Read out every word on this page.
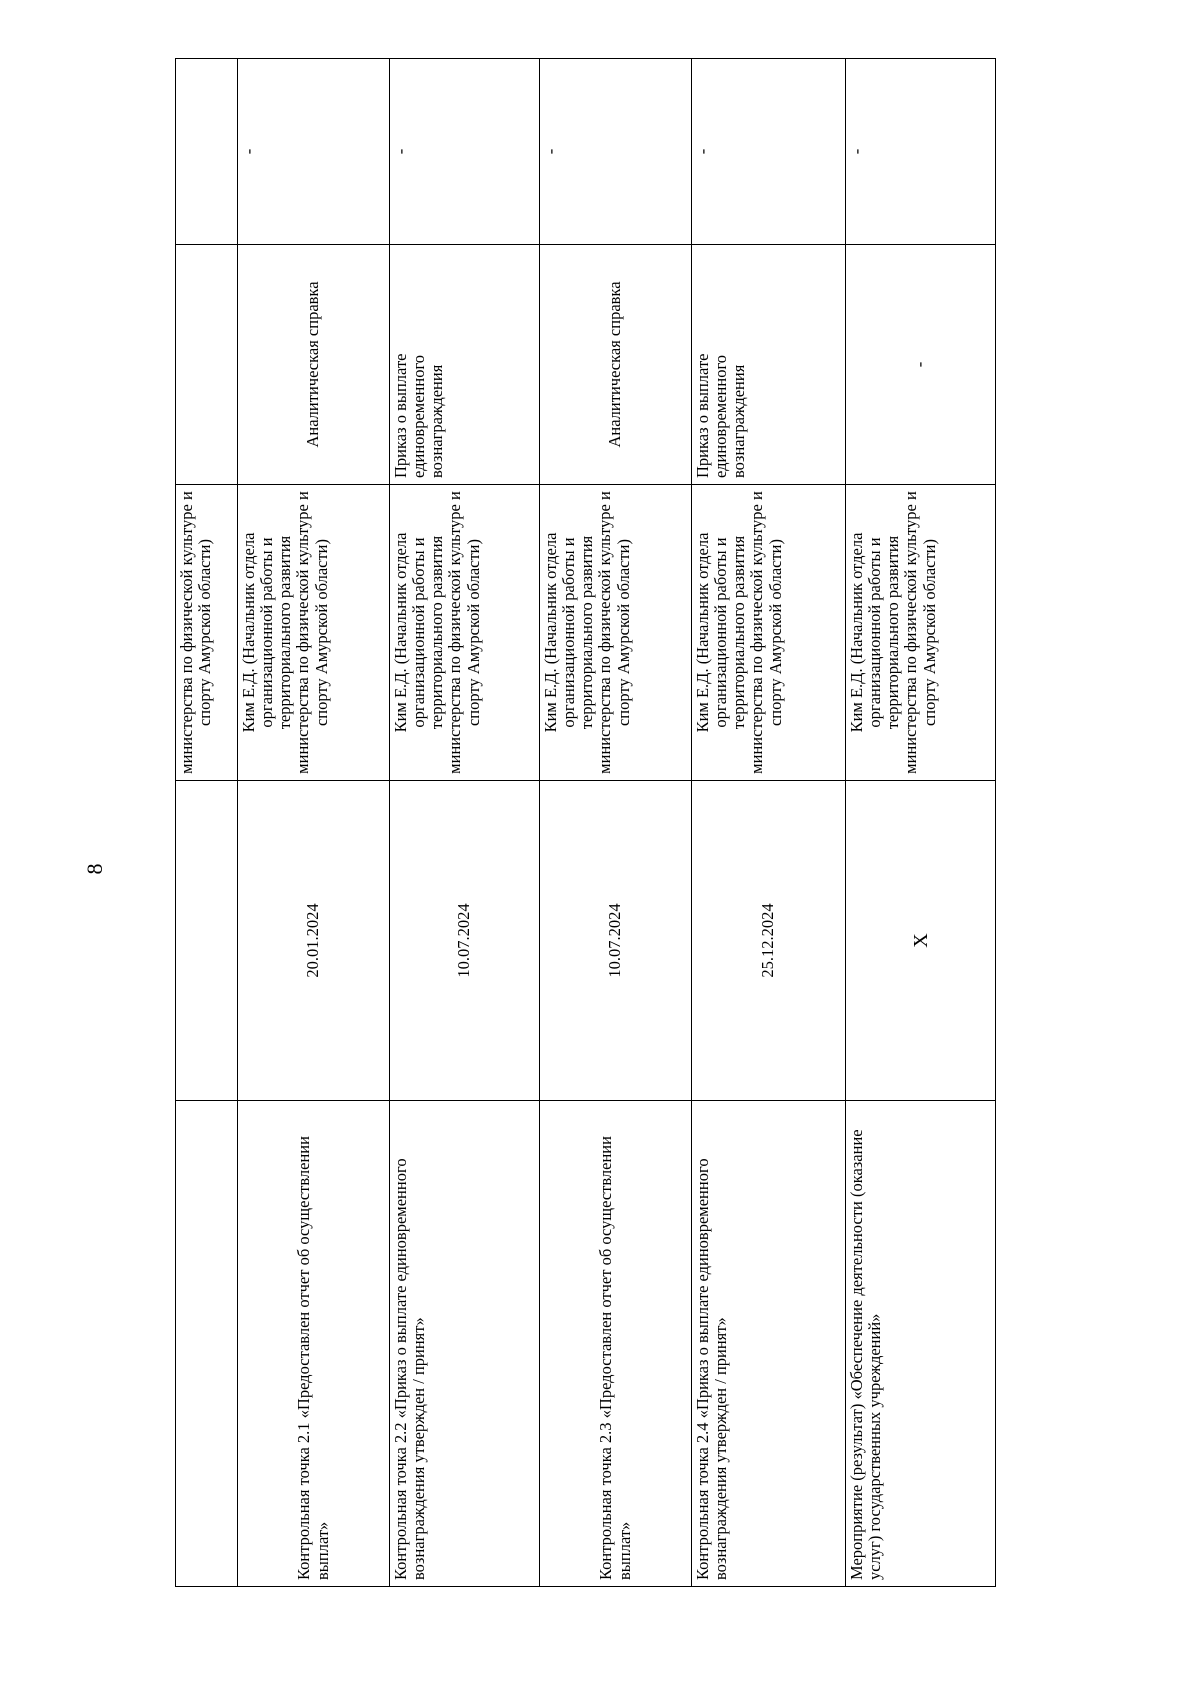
8

		министерства по физической культуре и спорту Амурской области)		

Контрольная точка 2.1 «Предоставлен отчет об осуществлении выплат»	20.01.2024	Ким Е.Д. (Начальник отдела организационной работы и территориального развития министерства по физической культуре и спорту Амурской области)	Аналитическая справка	-
Контрольная точка 2.2 «Приказ о выплате единовременного вознаграждения утвержден / принят»	10.07.2024	Ким Е.Д. (Начальник отдела организационной работы и территориального развития министерства по физической культуре и спорту Амурской области)	Приказ о выплате единовременного вознаграждения	-
Контрольная точка 2.3 «Предоставлен отчет об осуществлении выплат»	10.07.2024	Ким Е.Д. (Начальник отдела организационной работы и территориального развития министерства по физической культуре и спорту Амурской области)	Аналитическая справка	-
Контрольная точка 2.4 «Приказ о выплате единовременного вознаграждения утвержден / принят»	25.12.2024	Ким Е.Д. (Начальник отдела организационной работы и территориального развития министерства по физической культуре и спорту Амурской области)	Приказ о выплате единовременного вознаграждения	-
Мероприятие (результат) «Обеспечение деятельности (оказание услуг) государственных учреждений»	X	Ким Е.Д. (Начальник отдела организационной работы и территориального развития министерства по физической культуре и спорту Амурской области)	-	-
